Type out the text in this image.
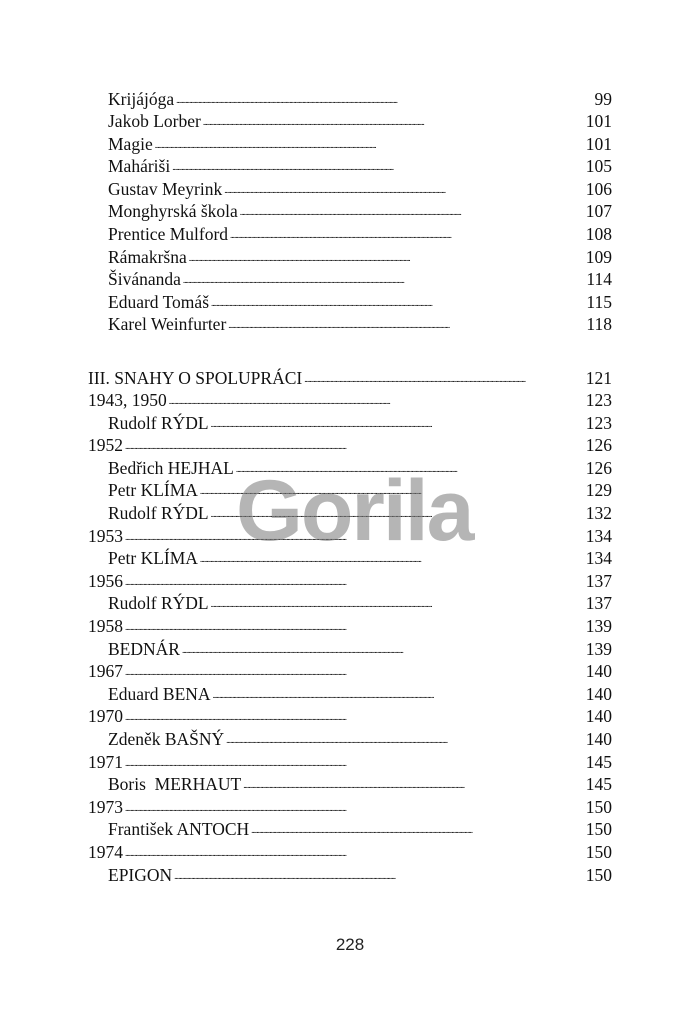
Krijájóga . . .	99
Jakob Lorber . . .	101
Magie . . .	101
Maháriši . . .	105
Gustav Meyrink . . .	106
Monghyrská škola . . .	107
Prentice Mulford . . .	108
Rámakršna . . .	109
Šivánanda . . .	114
Eduard Tomáš . . .	115
Karel Weinfurter . . .	118
III. SNAHY O SPOLUPRÁCI . . .	121
1943, 1950 . . .	123
Rudolf RÝDL . . .	123
1952 . . .	126
Bedřich HEJHAL . . .	126
Petr KLÍMA . . .	129
Rudolf RÝDL . . .	132
1953 . . .	134
Petr KLÍMA . . .	134
1956 . . .	137
Rudolf RÝDL . . .	137
1958 . . .	139
BEDNÁR . . .	139
1967 . . .	140
Eduard BENA . . .	140
1970 . . .	140
Zdeněk BAŠNÝ . . .	140
1971 . . .	145
Boris  MERHAUT . . .	145
1973 . . .	150
František ANTOCH . . .	150
1974 . . .	150
EPIGON . . .	150
Gorila
228
